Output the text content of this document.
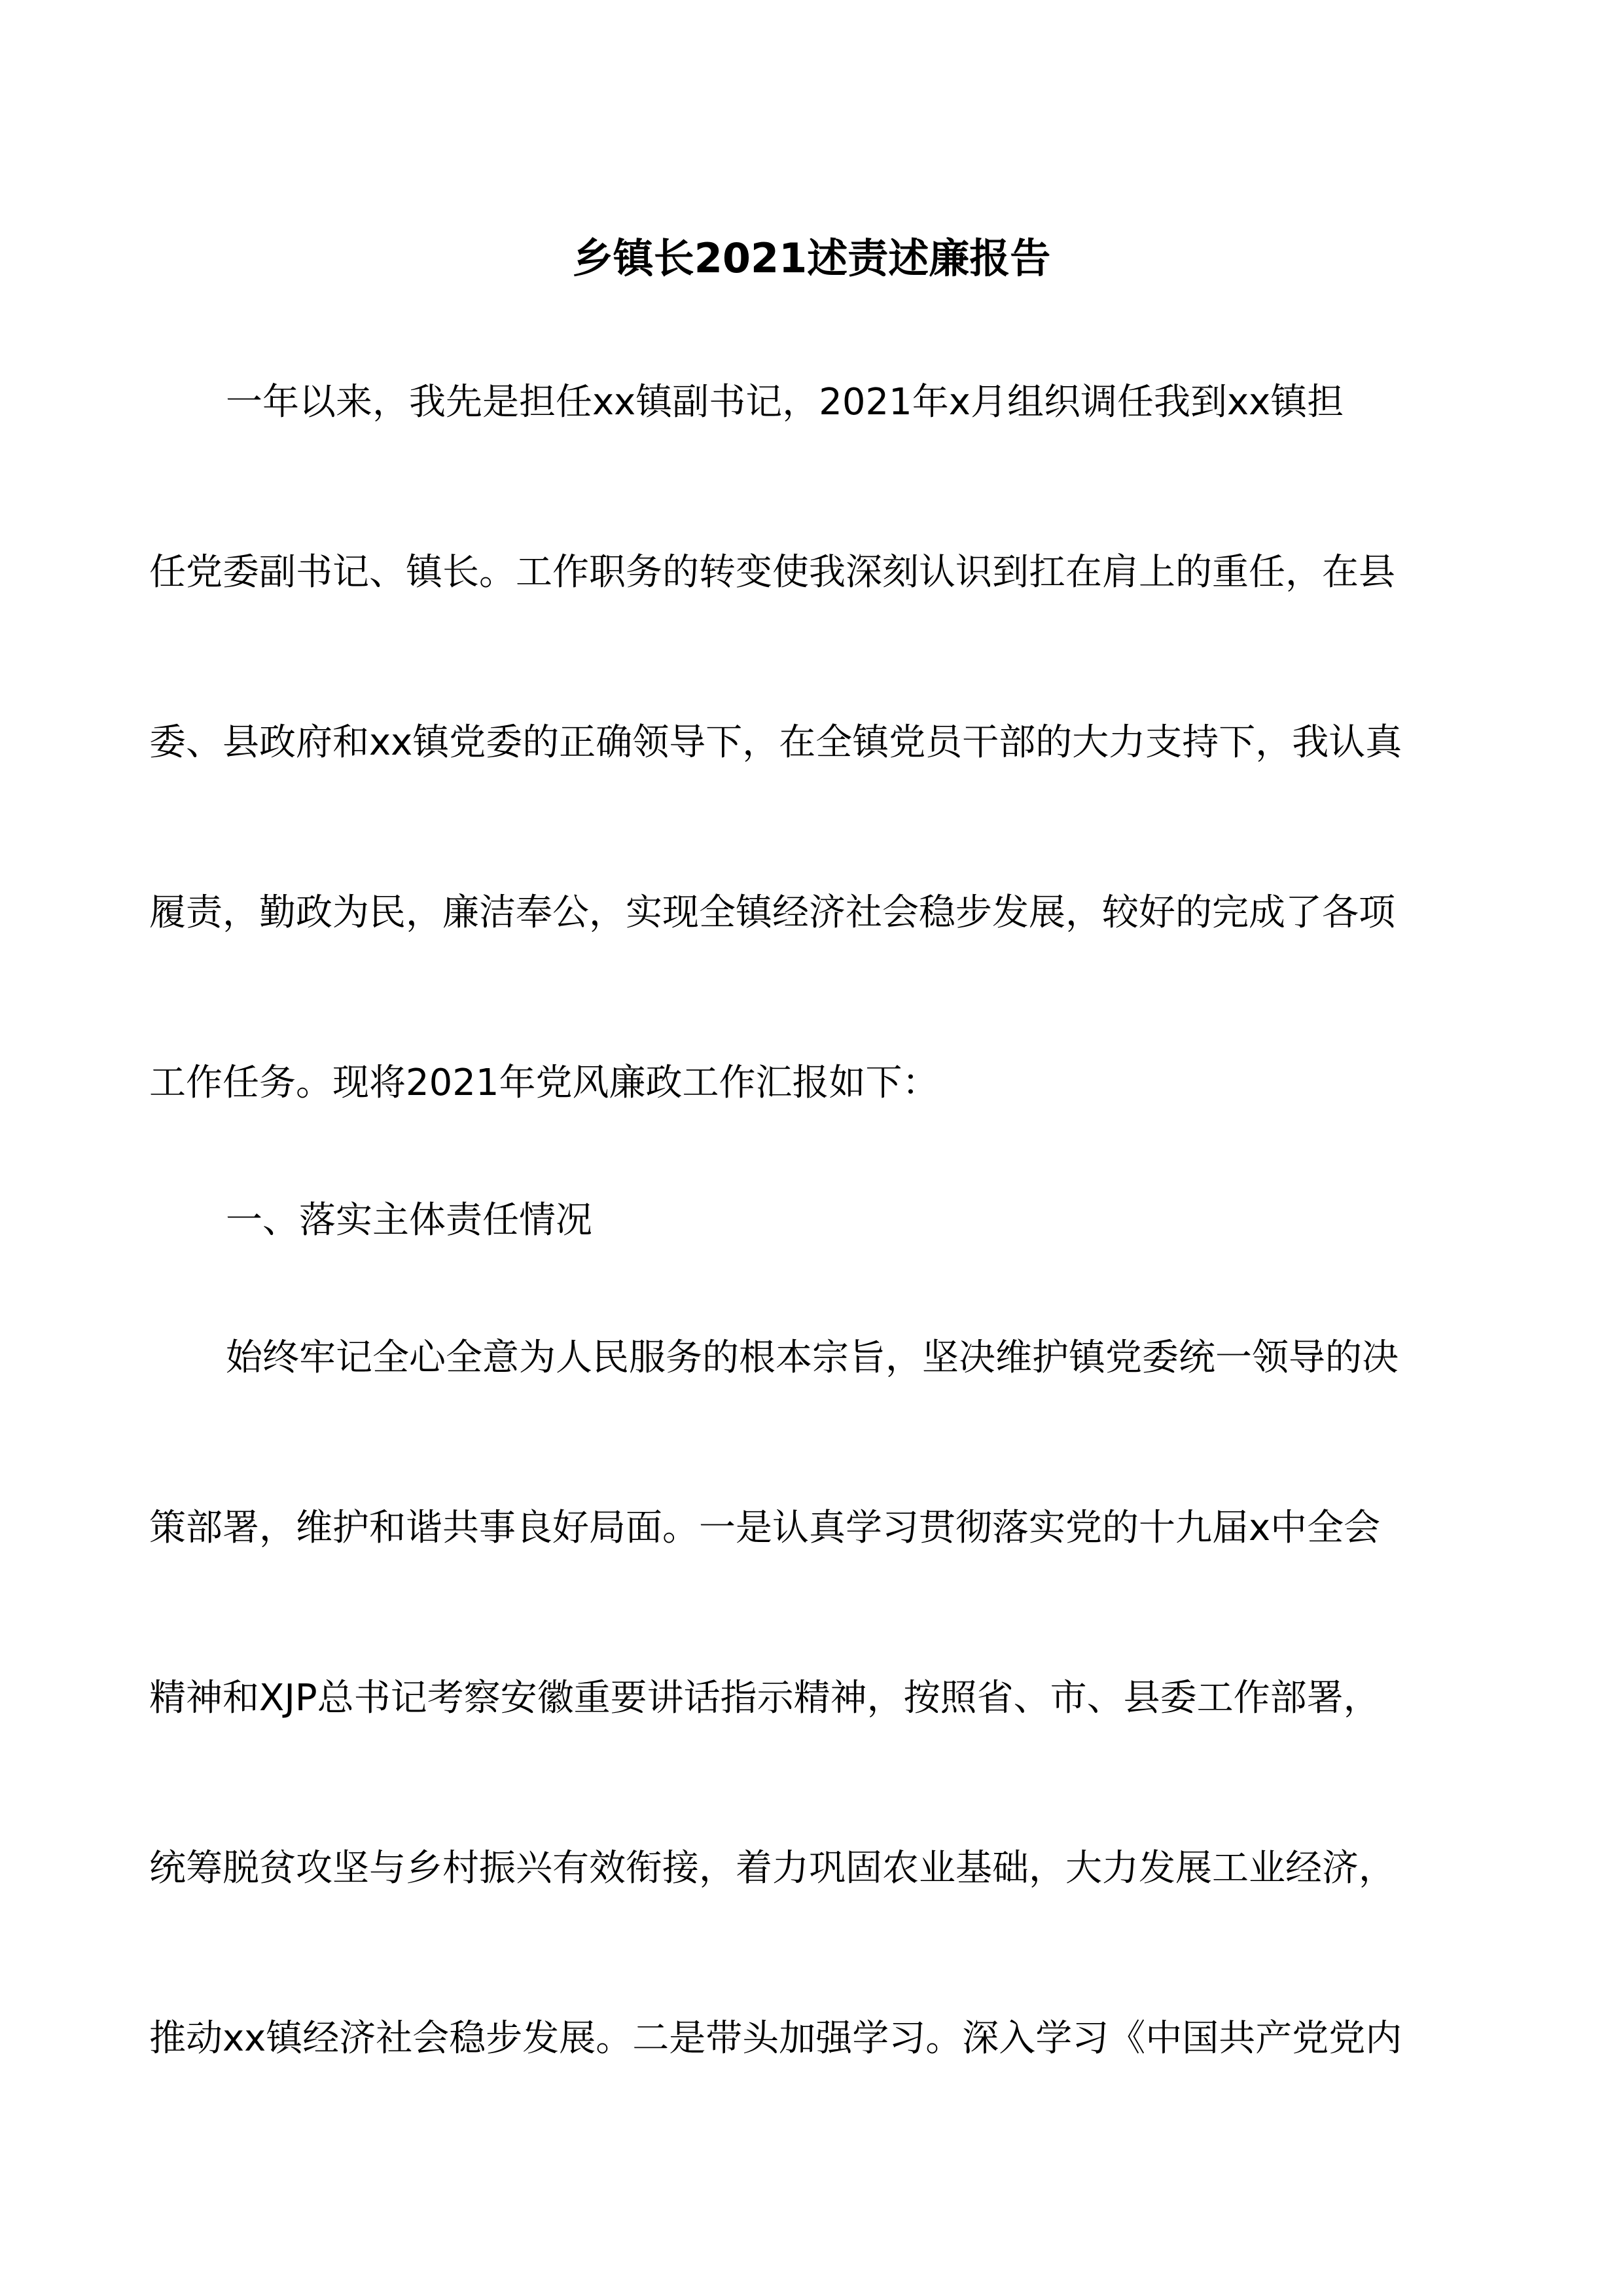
乡镇长2021述责述廉报告
一年以来，我先是担任xx镇副书记，2021年x月组织调任我到xx镇担
任党委副书记、镇长。工作职务的转变使我深刻认识到扛在肩上的重任，在县
委、县政府和xx镇党委的正确领导下，在全镇党员干部的大力支持下，我认真
履责，勤政为民，廉洁奉公，实现全镇经济社会稳步发展，较好的完成了各项
工作任务。现将2021年党风廉政工作汇报如下：
一、落实主体责任情况
始终牢记全心全意为人民服务的根本宗旨，坚决维护镇党委统一领导的决
策部署，维护和谐共事良好局面。一是认真学习贯彻落实党的十九届x中全会
精神和XJP总书记考察安徽重要讲话指示精神，按照省、市、县委工作部署，
统筹脱贫攻坚与乡村振兴有效衔接，着力巩固农业基础，大力发展工业经济，
推动xx镇经济社会稳步发展。二是带头加强学习。深入学习《中国共产党党内
